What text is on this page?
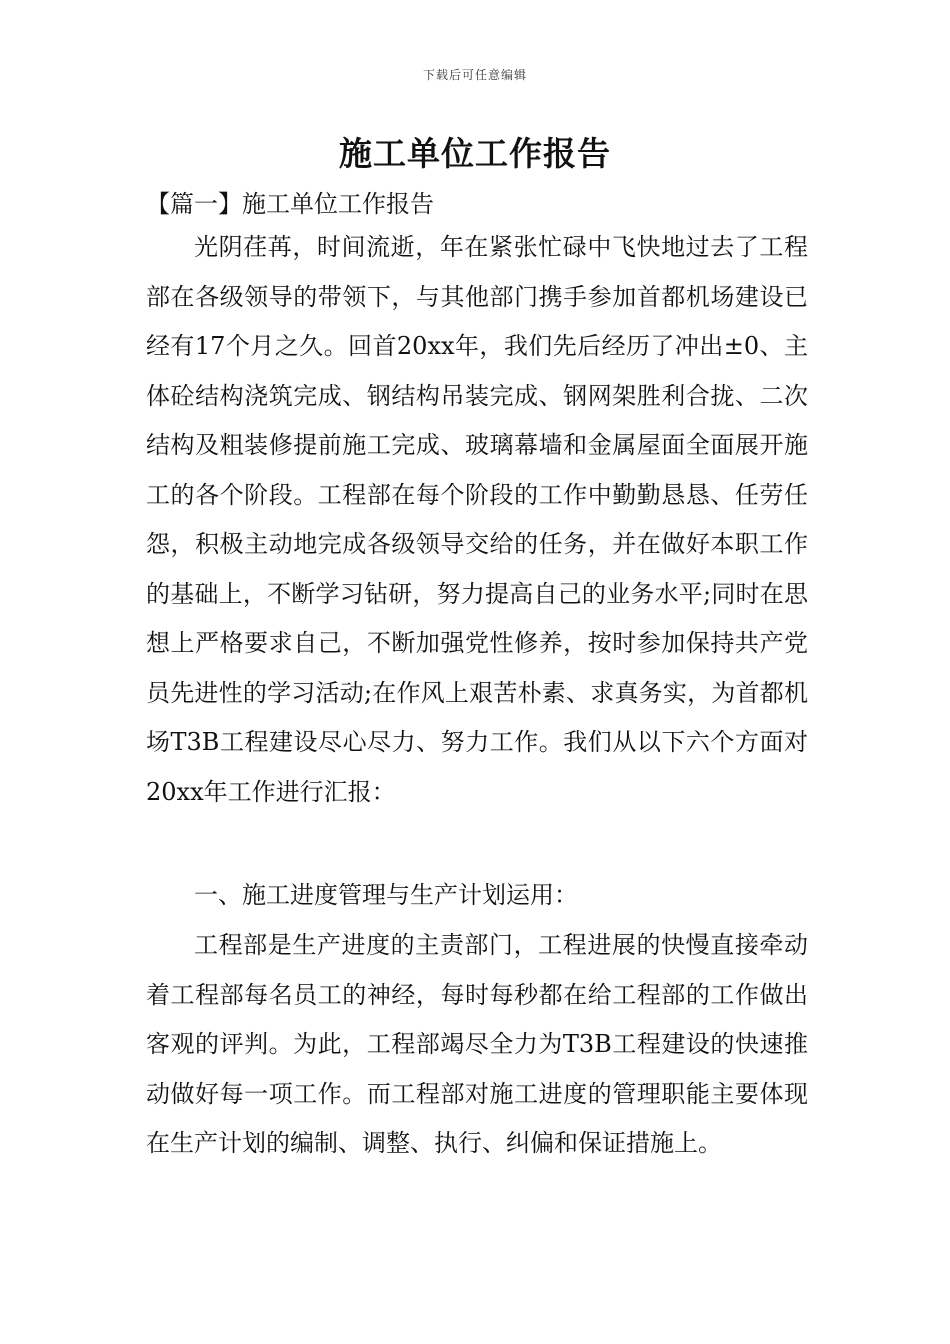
下载后可任意编辑
施工单位工作报告
【篇一】施工单位工作报告

光阴荏苒，时间流逝，年在紧张忙碌中飞快地过去了工程部在各级领导的带领下，与其他部门携手参加首都机场建设已经有17个月之久。回首20xx年，我们先后经历了冲出±0、主体砼结构浇筑完成、钢结构吊装完成、钢网架胜利合拢、二次结构及粗装修提前施工完成、玻璃幕墙和金属屋面全面展开施工的各个阶段。工程部在每个阶段的工作中勤勤恳恳、任劳任怨，积极主动地完成各级领导交给的任务，并在做好本职工作的基础上，不断学习钻研，努力提高自己的业务水平;同时在思想上严格要求自己，不断加强党性修养，按时参加保持共产党员先进性的学习活动;在作风上艰苦朴素、求真务实，为首都机场T3B工程建设尽心尽力、努力工作。我们从以下六个方面对20xx年工作进行汇报：

一、施工进度管理与生产计划运用：

工程部是生产进度的主责部门，工程进展的快慢直接牵动着工程部每名员工的神经，每时每秒都在给工程部的工作做出客观的评判。为此，工程部竭尽全力为T3B工程建设的快速推动做好每一项工作。而工程部对施工进度的管理职能主要体现在生产计划的编制、调整、执行、纠偏和保证措施上。
